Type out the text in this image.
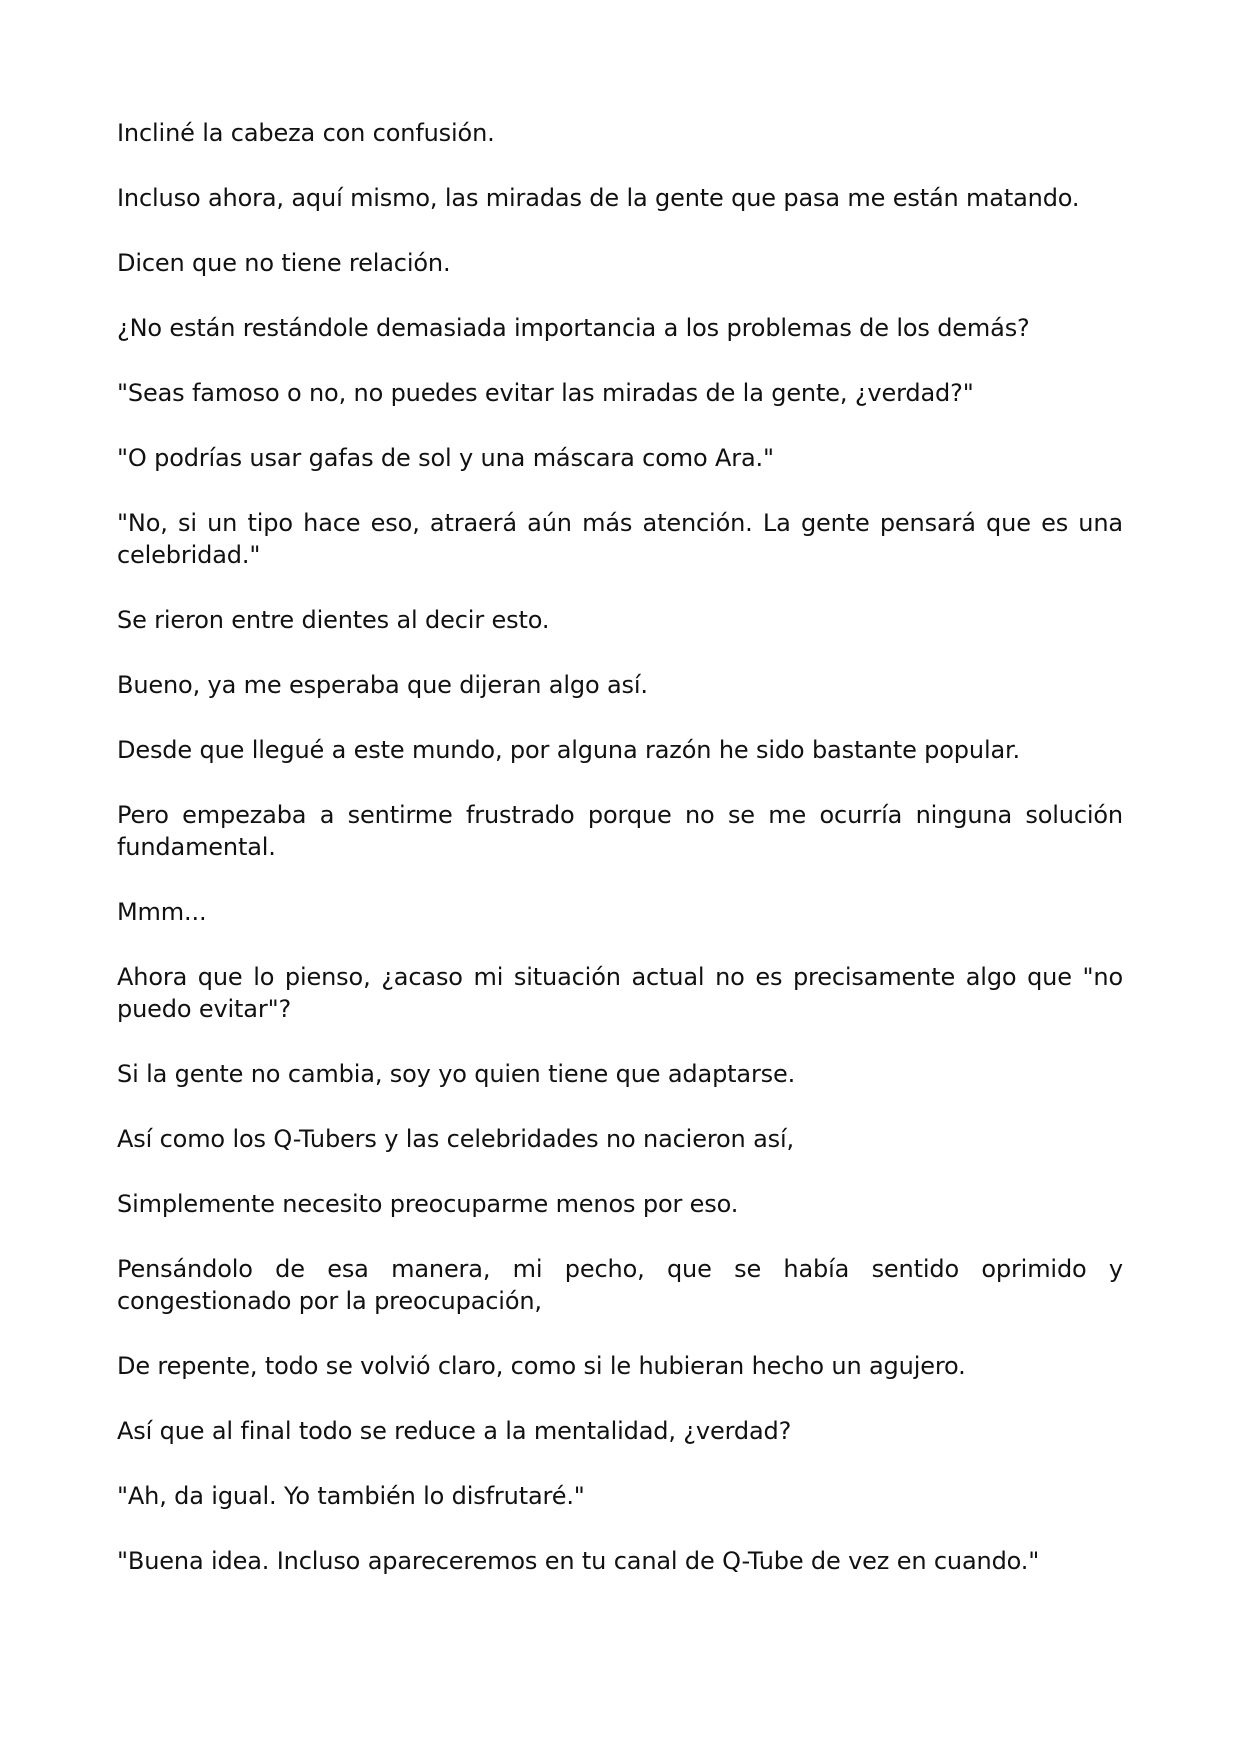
Incliné la cabeza con confusión.

Incluso ahora, aquí mismo, las miradas de la gente que pasa me están matando.

Dicen que no tiene relación.

¿No están restándole demasiada importancia a los problemas de los demás?

"Seas famoso o no, no puedes evitar las miradas de la gente, ¿verdad?"

"O podrías usar gafas de sol y una máscara como Ara."

"No, si un tipo hace eso, atraerá aún más atención. La gente pensará que es una celebridad."

Se rieron entre dientes al decir esto.

Bueno, ya me esperaba que dijeran algo así.

Desde que llegué a este mundo, por alguna razón he sido bastante popular.

Pero empezaba a sentirme frustrado porque no se me ocurría ninguna solución fundamental.

Mmm...

Ahora que lo pienso, ¿acaso mi situación actual no es precisamente algo que "no puedo evitar"?

Si la gente no cambia, soy yo quien tiene que adaptarse.

Así como los Q-Tubers y las celebridades no nacieron así,

Simplemente necesito preocuparme menos por eso.

Pensándolo de esa manera, mi pecho, que se había sentido oprimido y congestionado por la preocupación,

De repente, todo se volvió claro, como si le hubieran hecho un agujero.

Así que al final todo se reduce a la mentalidad, ¿verdad?

"Ah, da igual. Yo también lo disfrutaré."

"Buena idea. Incluso apareceremos en tu canal de Q-Tube de vez en cuando."
